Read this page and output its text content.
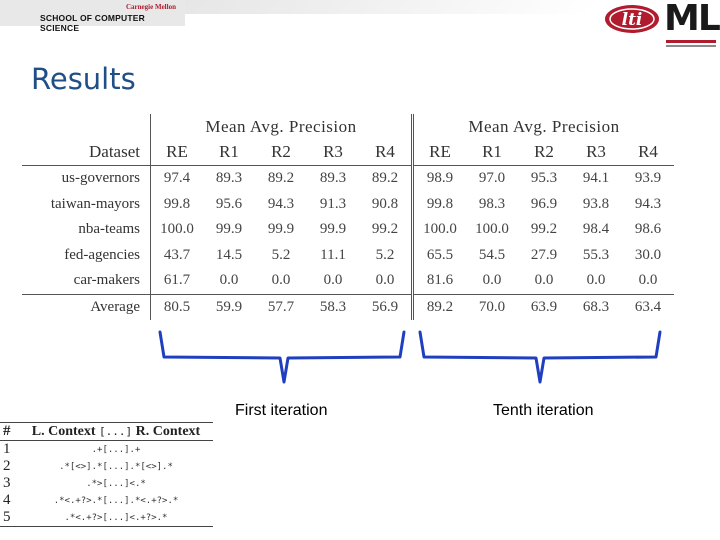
Carnegie Mellon
SCHOOL OF COMPUTER SCIENCE	lti ML
Results
	Mean Avg. Precision					Mean Avg. Precision				
Dataset	RE	R1	R2	R3	R4	RE	R1	R2	R3	R4
us-governors	97.4	89.3	89.2	89.3	89.2	98.9	97.0	95.3	94.1	93.9
taiwan-mayors	99.8	95.6	94.3	91.3	90.8	99.8	98.3	96.9	93.8	94.3
nba-teams	100.0	99.9	99.9	99.9	99.2	100.0	100.0	99.2	98.4	98.6
fed-agencies	43.7	14.5	5.2	11.1	5.2	65.5	54.5	27.9	55.3	30.0
car-makers	61.7	0.0	0.0	0.0	0.0	81.6	0.0	0.0	0.0	0.0
Average	80.5	59.9	57.7	58.3	56.9	89.2	70.0	63.9	68.3	63.4
First iteration	Tenth iteration
#	L. Context [...] R. Context
1	.+[...].+
2	.*[<>].*[...].*[<>].*
3	.*>[...]<.*
4	.*<.+?>.*[...].*<.+?>.*
5	.*<.+?>[...]<.+?>.*
